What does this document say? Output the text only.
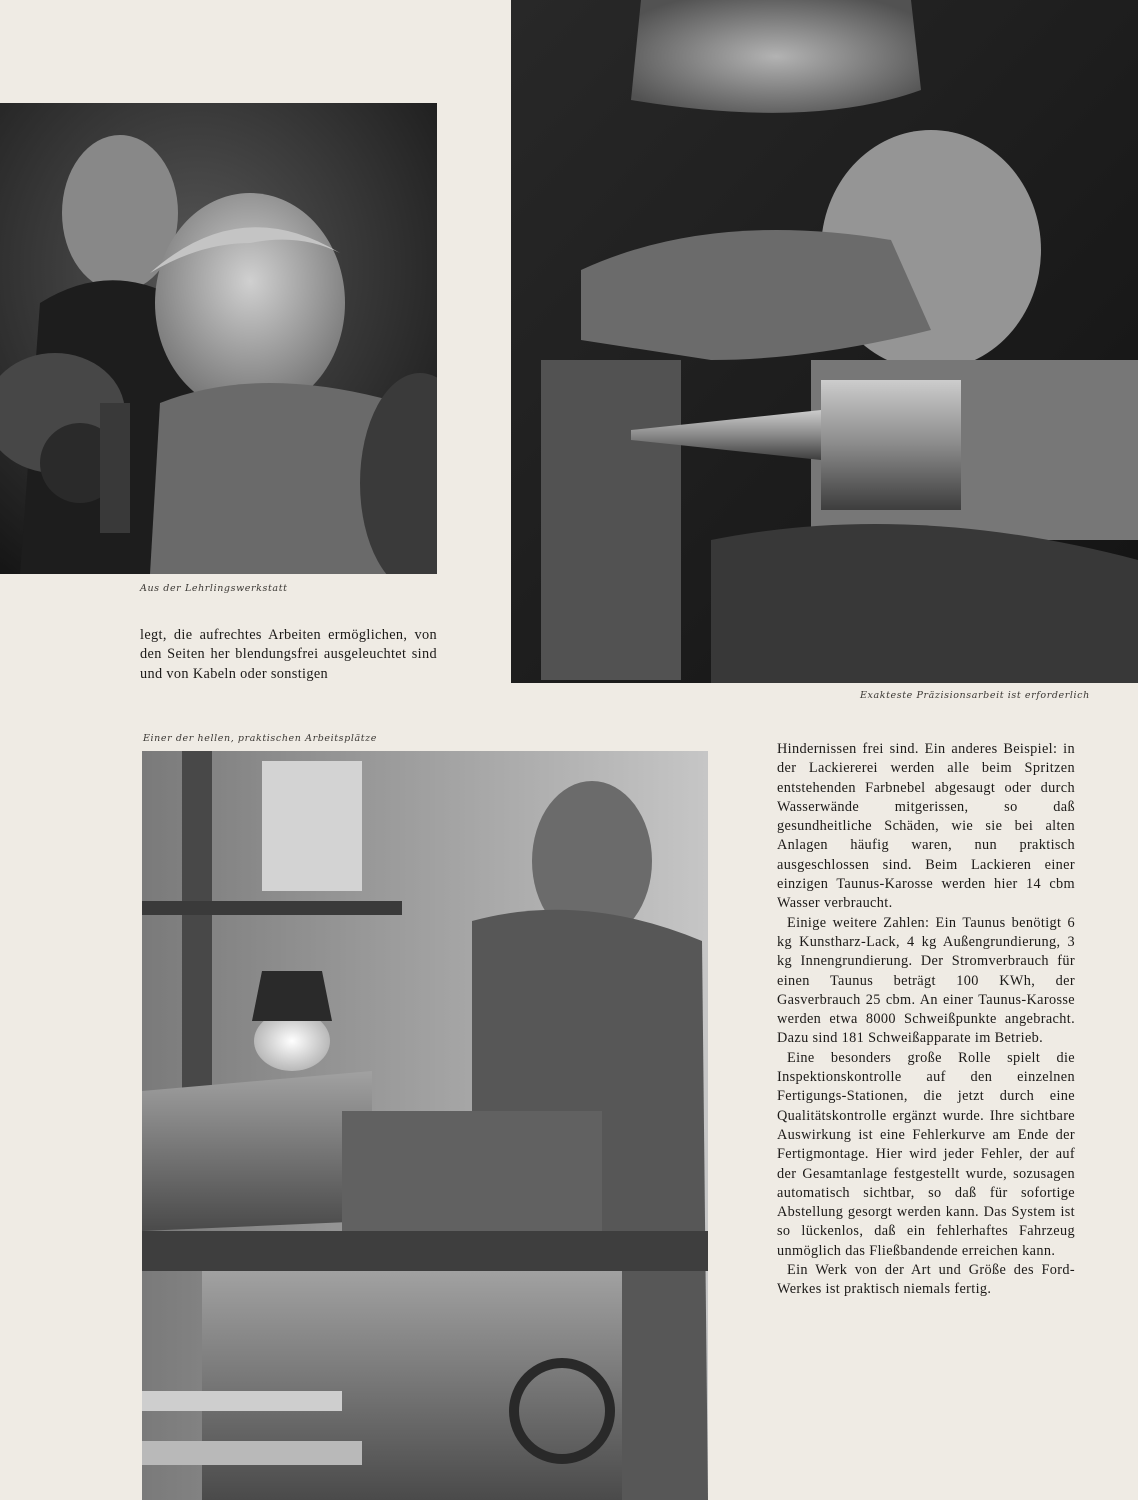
Aus der Lehrlingswerkstatt
Exakteste Präzisionsarbeit ist erforderlich

legt, die aufrechtes Arbeiten ermöglichen, von den Seiten her blendungsfrei ausgeleuchtet sind und von Kabeln oder sonstigen

Einer der hellen, praktischen Arbeitsplätze

Hindernissen frei sind. Ein anderes Beispiel: in der Lackiererei werden alle beim Spritzen entstehenden Farbnebel abgesaugt oder durch Wasserwände mitgerissen, so daß gesundheitliche Schäden, wie sie bei alten Anlagen häufig waren, nun praktisch ausgeschlossen sind. Beim Lackieren einer einzigen Taunus-Karosse werden hier 14 cbm Wasser verbraucht.

Einige weitere Zahlen: Ein Taunus benötigt 6 kg Kunstharz-Lack, 4 kg Außengrundierung, 3 kg Innengrundierung. Der Stromverbrauch für einen Taunus beträgt 100 KWh, der Gasverbrauch 25 cbm. An einer Taunus-Karosse werden etwa 8000 Schweißpunkte angebracht. Dazu sind 181 Schweißapparate im Betrieb.

Eine besonders große Rolle spielt die Inspektionskontrolle auf den einzelnen Fertigungs-Stationen, die jetzt durch eine Qualitätskontrolle ergänzt wurde. Ihre sichtbare Auswirkung ist eine Fehlerkurve am Ende der Fertigmontage. Hier wird jeder Fehler, der auf der Gesamtanlage festgestellt wurde, sozusagen automatisch sichtbar, so daß für sofortige Abstellung gesorgt werden kann. Das System ist so lückenlos, daß ein fehlerhaftes Fahrzeug unmöglich das Fließbandende erreichen kann.

Ein Werk von der Art und Größe des Ford-Werkes ist praktisch niemals fertig.
